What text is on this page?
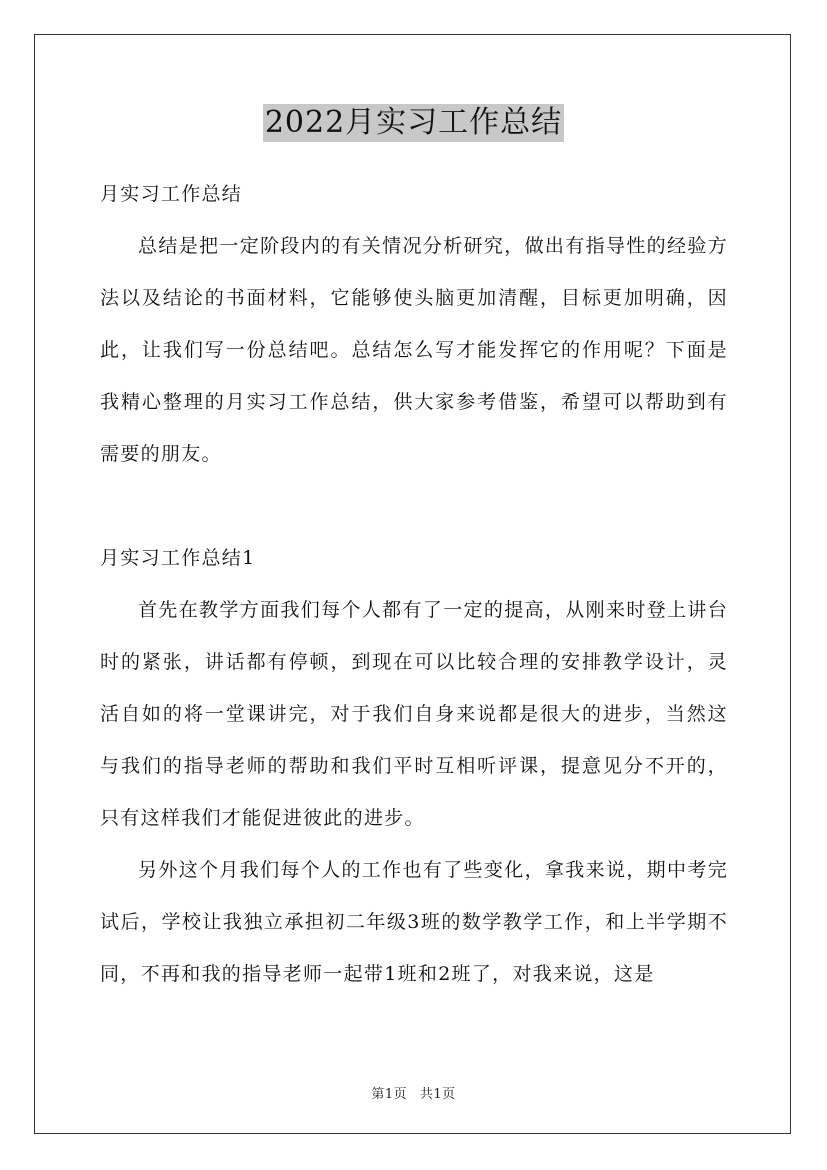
2022月实习工作总结

月实习工作总结

总结是把一定阶段内的有关情况分析研究，做出有指导性的经验方法以及结论的书面材料，它能够使头脑更加清醒，目标更加明确，因此，让我们写一份总结吧。总结怎么写才能发挥它的作用呢？下面是我精心整理的月实习工作总结，供大家参考借鉴，希望可以帮助到有需要的朋友。

月实习工作总结1

首先在教学方面我们每个人都有了一定的提高，从刚来时登上讲台时的紧张，讲话都有停顿，到现在可以比较合理的安排教学设计，灵活自如的将一堂课讲完，对于我们自身来说都是很大的进步，当然这与我们的指导老师的帮助和我们平时互相听评课，提意见分不开的，只有这样我们才能促进彼此的进步。

另外这个月我们每个人的工作也有了些变化，拿我来说，期中考完试后，学校让我独立承担初二年级3班的数学教学工作，和上半学期不同，不再和我的指导老师一起带1班和2班了，对我来说，这是

第1页 共1页
